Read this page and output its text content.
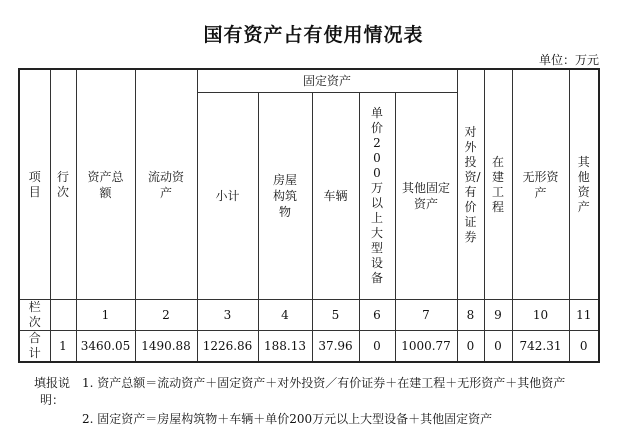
国有资产占有使用情况表
单位：万元
项目	行次	资产总额	流动资产	固定资产					对外投资/有价证券	在建工程	无形资产	其他资产

				小计	房屋构筑物	车辆	单价200万以上大型设备	其他固定资产				

栏次		1	2	3	4	5	6	7	8	9	10	11

合计	1	3460.05	1490.88	1226.86	188.13	37.96	0	1000.77	0	0	742.31	0
填报说明：
1. 资产总额＝流动资产＋固定资产＋对外投资／有价证券＋在建工程＋无形资产＋其他资产
2. 固定资产＝房屋构筑物＋车辆＋单价200万元以上大型设备＋其他固定资产
